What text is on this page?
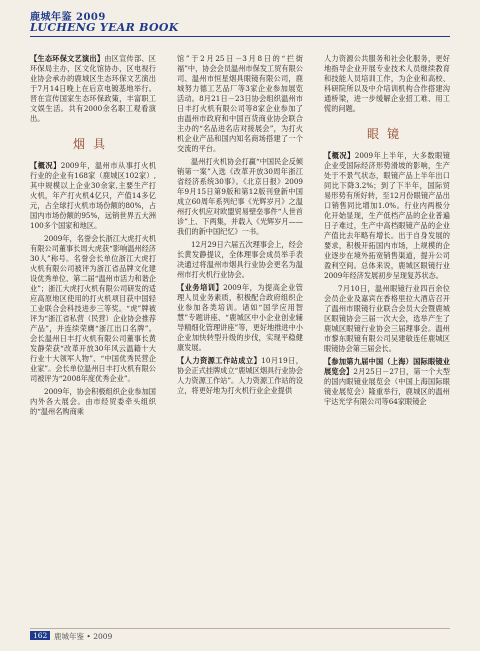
鹿城年鉴 2009
LUCHENG YEAR BOOK

【生态环保文艺演出】由区宣传部、区环保局主办，区文化馆协办，区电视行业协会承办的鹿城区生态环保文艺演出于7月14日晚上在后京电镀基地举行。晋在宣传国家生态环保政策，丰富职工文娱生活。共有2000余名职工观看演出。

烟具

【概况】2009年，温州市从事打火机行业的企业有168家（鹿城区102家）,其中规模以上企业30余家,主要生产打火机，年产打火机4亿只，产值14多亿元，占全球打火机市场份额的80%，占国内市场份额的95%，远销世界五大洲100多个国家和地区。

2009年，名誉会长浙江大虎打火机有限公司董事长周大虎获“影响温州经济30人”称号。名誉会长单位浙江大虎打火机有限公司被评为浙江省品牌文化建设优秀单位、第二届“温州市活力和谐企业”；浙江大虎打火机有限公司研发的适应高原地区使用的打火机项目获中国轻工业联合会科技进步三等奖。“虎”牌被评为“浙江省私营（民营）企业协会推荐产品”，并连续荣膺“浙江出口名牌”。会长温州日丰打火机有限公司董事长黄发静荣获“改革开放30年风云温籍十大行业十大领军人物”、“中国优秀民营企业家”。会长单位温州日丰打火机有限公司被评为“2008年度优秀企业”。

2009年，协会积极组织企业参加国内外各大展会。由市经贸委牵头组织的“温州名购商乘

馆”于2月25日－3月8日的“拦街福”中，协会会员温州市保发工贸有限公司、温州市恒星烟具眼镜有限公司，鹿城努力德工艺品厂等3家企业参加展览活动。8月21日－23日协会组织温州市日丰打火机有限公司等8家企业参加了由温州市政府和中国百货商业协会联合主办的“名品进名店对接展会”，为打火机企业产品和国内知名商场搭建了一个交流的平台。

温州打火机协会打赢“中国民企反倾销第一案”入选《改革开放30周年浙江省经济系统30事》。《北京日报》2009年9月15日第9版和第12版刊登新中国成立60周年系列纪事《光辉岁月》之温州打火机应对欧盟贸易壁垒事件“人世首诊”上、下两集，并载入《光辉岁月——我们的新中国纪忆》一书。

12月29日六届五次理事会上，经会长黄发静提议，全体理事会成员举手表决通过将温州市烟具行业协会更名为温州市打火机行业协会。

【业务培训】2009年，为提高企业管理人员业务素质，积极配合政府组织企业参加各类培训。诸如“国学应用智慧”专题讲座、“鹿城区中小企业创业辅导精细化管理讲座”等，更好地推进中小企业加快转型升级的步伐，实现平稳健康发展。

【人力资源工作站成立】10月19日，协会正式挂牌成立“鹿城区烟具行业协会人力资源工作站”。人力资源工作站的设立，将更好地为打火机行业企业提供

人力资源公共服务和社会化服务，更好地指导企业开展专业技术人员继续教育和技能人员培训工作，为企业和高校、科研院所以及中介培训机构合作搭建沟通桥梁，进一步缓解企业招工难、用工慌的问题。

眼镜

【概况】2009年上半年，大多数眼镜企业受国际经济形势滑坡的影响，生产处于不景气状态，眼镜产品上半年出口同比下降3.2%；到了下半年，国际贸易形势有所好转，至12月份眼镜产品出口销售同比增加1.0%。行业内两极分化开始显现，生产低档产品的企业普遍日子难过，生产中高档眼镜产品的企业产值比去年略有增长。出于自身发展的要求，积极开拓国内市场，上规模的企业逐步在境外拓宽销售渠道，提升公司盈利空间。总体来说，鹿城区眼镜行业2009年经济发展初步呈现复苏状态。

7月10日，温州眼镜行业四百余位会员企业及嘉宾在香格里拉大酒店召开了温州市眼镜行业联合会员大会暨鹿城区眼镜协会三届一次大会，选举产生了鹿城区眼镜行业协会三届理事会。温州市黎东眼镜有限公司吴建敏连任鹿城区眼镜协会第三届会长。

【参加第九届中国（上海）国际眼镜业展览会】2月25日－27日，第一个大型的国内眼镜业展览会（中国上海国际眼镜业展览会）隆重举行，鹿城区的温州宇达光学有限公司等64家眼镜企

162 鹿城年鉴 • 2009
